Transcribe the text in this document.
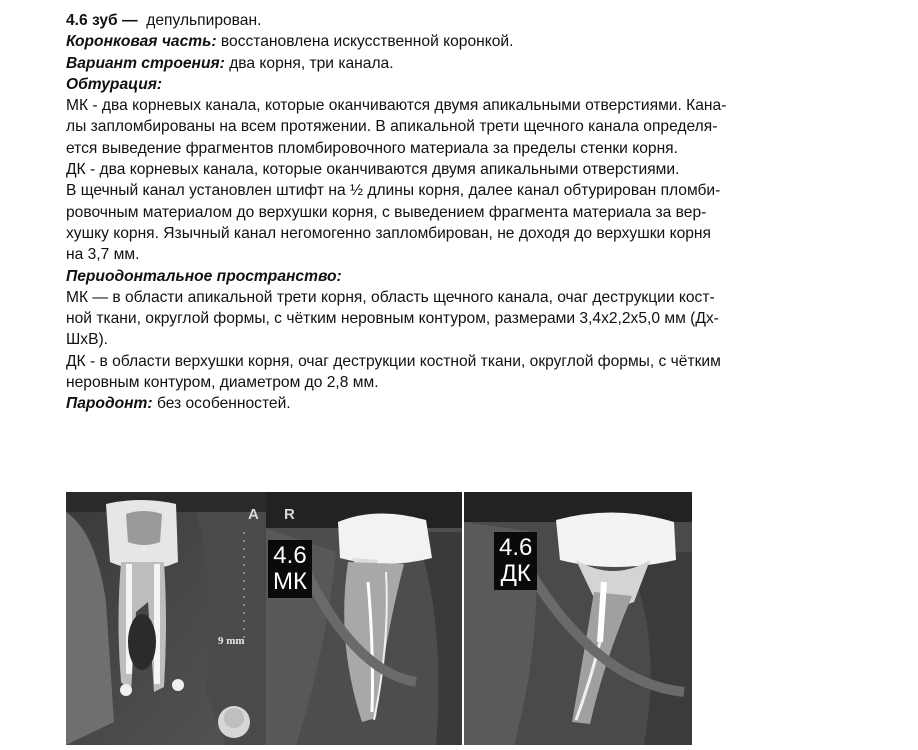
4.6 зуб — депульпирован.
Коронковая часть: восстановлена искусственной коронкой.
Вариант строения: два корня, три канала.
Обтурация:
МК - два корневых канала, которые оканчиваются двумя апикальными отверстиями. Кана-
лы запломбированы на всем протяжении. В апикальной трети щечного канала определя-
ется выведение фрагментов пломбировочного материала за пределы стенки корня.
ДК - два корневых канала, которые оканчиваются двумя апикальными отверстиями.
В щечный канал установлен штифт на ½ длины корня, далее канал обтурирован пломби-
ровочным материалом до верхушки корня, с выведением фрагмента материала за вер-
хушку корня. Язычный канал негомогенно запломбирован, не доходя до верхушки корня
на 3,7 мм.
Периодонтальное пространство:
МК — в области апикальной трети корня, область щечного канала, очаг деструкции кост-
ной ткани, округлой формы, с чётким неровным контуром, размерами 3,4х2,2х5,0 мм (Дх-
ШхВ).
ДК - в области верхушки корня, очаг деструкции костной ткани, округлой формы, с чётким
неровным контуром, диаметром до 2,8 мм.
Пародонт: без особенностей.
A
9 mm
R
4.6
МК
4.6
ДК
